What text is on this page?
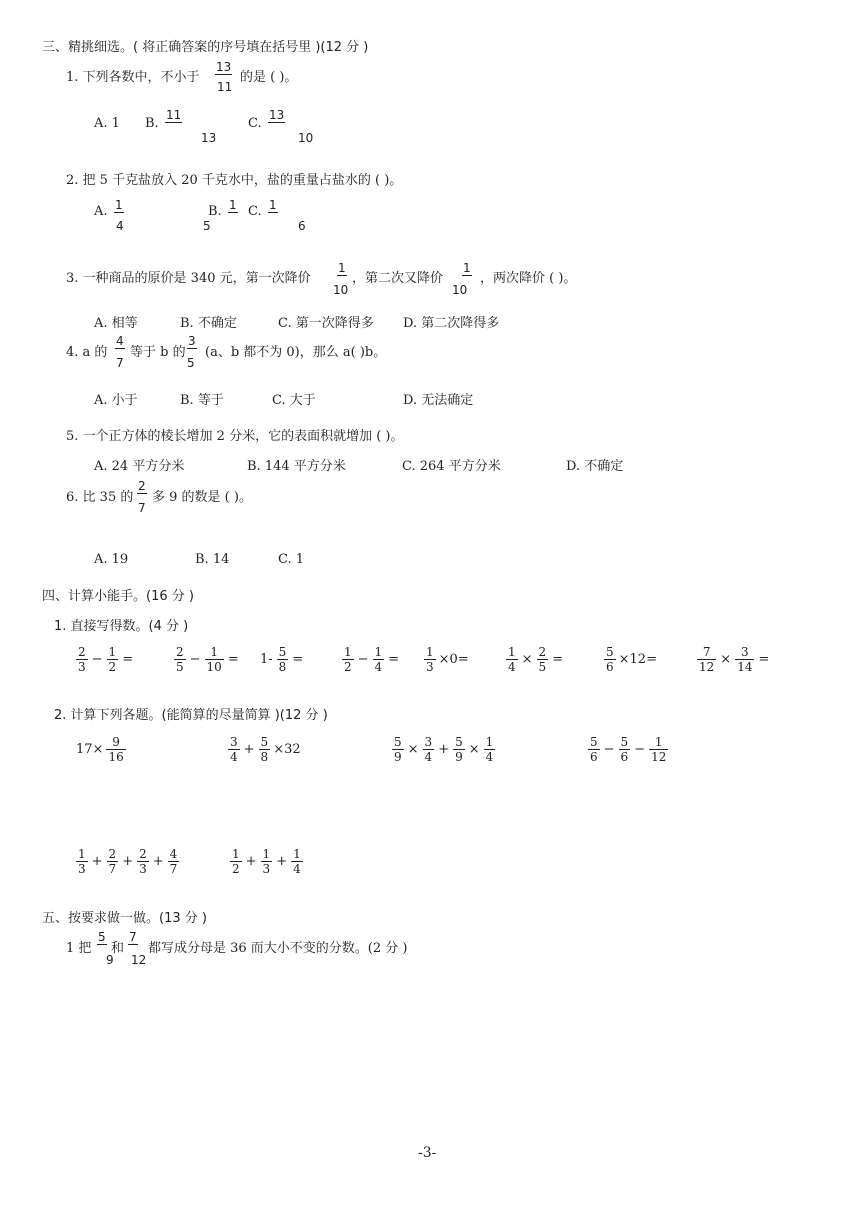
三、精挑细选。( 将正确答案的序号填在括号里 )(12 分 )
1. 下列各数中，不小于
13
11
的是 ( )。
A. 1 B.
11
13
C.
13
10
2. 把 5 千克盐放入 20 千克水中，盐的重量占盐水的 ( )。
A. 1
4
B. 1
5
C. 1
6
3. 一种商品的原价是 340 元，第一次降价
1
10
，第二次又降价
1
10
，两次降价 ( )。
A. 相等	B. 不确定	C. 第一次降得多 D. 第二次降得多
4. a 的
4
7
等于 b 的
3
5
(a、b 都不为 0)，那么 a( )b。
A. 小于	B. 等于	C. 大于	D. 无法确定
5. 一个正方体的棱长增加 2 分米，它的表面积就增加 ( )。
A. 24 平方分米	B. 144 平方分米	C. 264 平方分米	D. 不确定
6. 比 35 的
2
7
多 9 的数是 ( )。
A. 19	B. 14	C. 1
四、计算小能手。(16 分 )
1. 直接写得数。(4 分 )
$\frac{2}{3} - \frac{1}{2}$ =	$\frac{2}{5} - \frac{1}{10}$ =	$1- \frac{5}{8}$ =	$\frac{1}{2} - \frac{1}{4}$ =	$\frac{1}{3} \times 0=$	$\frac{1}{4} \times \frac{2}{5}$ =	$\frac{5}{6} \times 12=$	$\frac{7}{12} \times \frac{3}{14}$ =
2. 计算下列各题。(能简算的尽量简算 )(12 分 )
$17\times \frac{9}{16}$	$\frac{3}{4} + \frac{5}{8} \times 32$	$\frac{5}{9} \times \frac{3}{4} + \frac{5}{9} \times \frac{1}{4}$	$\frac{5}{6} - \frac{5}{6} - \frac{1}{12}$
$\frac{1}{3} + \frac{2}{7} + \frac{2}{3} + \frac{4}{7}$	$\frac{1}{2} + \frac{1}{3} + \frac{1}{4}$
五、按要求做一做。(13 分 )
1 把
5
9
和
7
12
都写成分母是 36 而大小不变的分数。(2 分 )
-3-
